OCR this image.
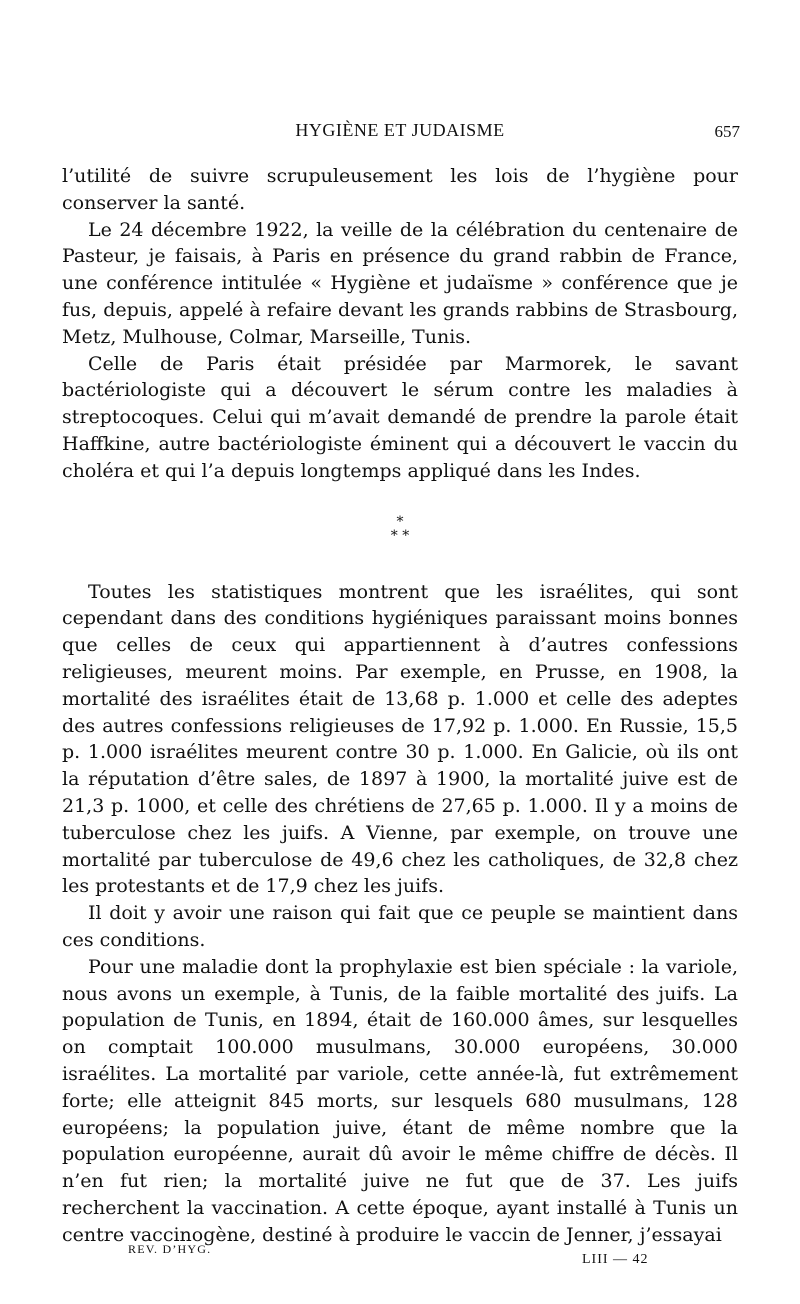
HYGIÈNE ET JUDAISME	657

l’utilité de suivre scrupuleusement les lois de l’hygiène pour conserver la santé.

Le 24 décembre 1922, la veille de la célébration du centenaire de Pasteur, je faisais, à Paris en présence du grand rabbin de France, une conférence intitulée « Hygiène et judaïsme » conférence que je fus, depuis, appelé à refaire devant les grands rabbins de Strasbourg, Metz, Mulhouse, Colmar, Marseille, Tunis.

Celle de Paris était présidée par Marmorek, le savant bactériologiste qui a découvert le sérum contre les maladies à streptocoques. Celui qui m’avait demandé de prendre la parole était Haffkine, autre bactériologiste éminent qui a découvert le vaccin du choléra et qui l’a depuis longtemps appliqué dans les Indes.

*
* *

Toutes les statistiques montrent que les israélites, qui sont cependant dans des conditions hygiéniques paraissant moins bonnes que celles de ceux qui appartiennent à d’autres confessions religieuses, meurent moins. Par exemple, en Prusse, en 1908, la mortalité des israélites était de 13,68 p. 1.000 et celle des adeptes des autres confessions religieuses de 17,92 p. 1.000. En Russie, 15,5 p. 1.000 israélites meurent contre 30 p. 1.000. En Galicie, où ils ont la réputation d’être sales, de 1897 à 1900, la mortalité juive est de 21,3 p. 1000, et celle des chrétiens de 27,65 p. 1.000. Il y a moins de tuberculose chez les juifs. A Vienne, par exemple, on trouve une mortalité par tuberculose de 49,6 chez les catholiques, de 32,8 chez les protestants et de 17,9 chez les juifs.

Il doit y avoir une raison qui fait que ce peuple se maintient dans ces conditions.

Pour une maladie dont la prophylaxie est bien spéciale : la variole, nous avons un exemple, à Tunis, de la faible mortalité des juifs. La population de Tunis, en 1894, était de 160.000 âmes, sur lesquelles on comptait 100.000 musulmans, 30.000 européens, 30.000 israélites. La mortalité par variole, cette année-là, fut extrêmement forte; elle atteignit 845 morts, sur lesquels 680 musulmans, 128 européens; la population juive, étant de même nombre que la population européenne, aurait dû avoir le même chiffre de décès. Il n’en fut rien; la mortalité juive ne fut que de 37. Les juifs recherchent la vaccination. A cette époque, ayant installé à Tunis un centre vaccinogène, destiné à produire le vaccin de Jenner, j’essayai

REV. D’HYG.
LIII — 42
